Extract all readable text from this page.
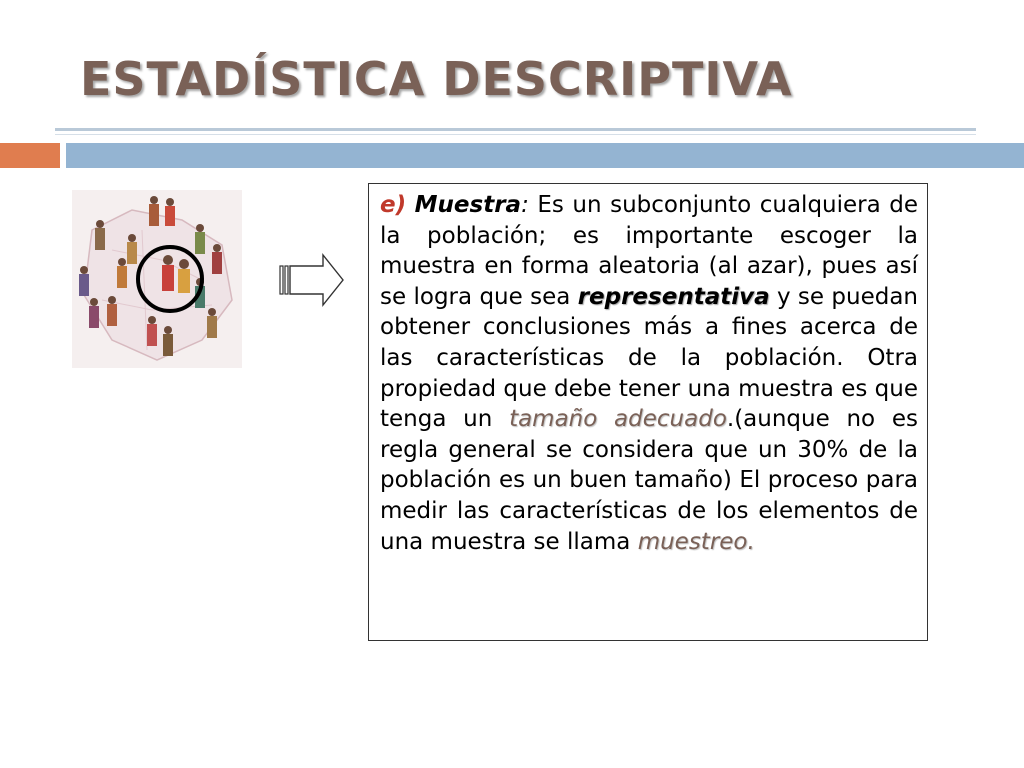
ESTADÍSTICA DESCRIPTIVA

e) Muestra: Es un subconjunto cualquiera de la población; es importante escoger la muestra en forma aleatoria (al azar), pues así se logra que sea representativa y se puedan obtener conclusiones más a fines acerca de las características de la población. Otra propiedad que debe tener una muestra es que tenga un tamaño adecuado.(aunque no es regla general se considera que un 30% de la población es un buen tamaño) El proceso para medir las características de los elementos de una muestra se llama muestreo.
